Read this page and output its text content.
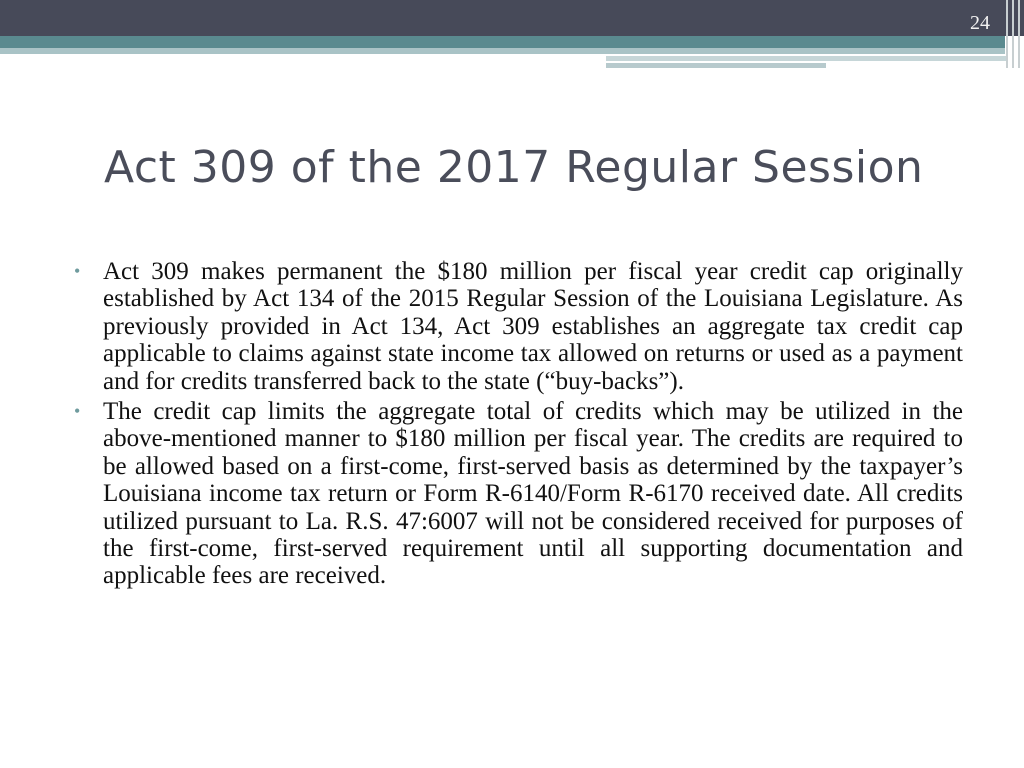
24
Act 309 of the 2017 Regular Session
• Act 309 makes permanent the $180 million per fiscal year credit cap originally established by Act 134 of the 2015 Regular Session of the Louisiana Legislature. As previously provided in Act 134, Act 309 establishes an aggregate tax credit cap applicable to claims against state income tax allowed on returns or used as a payment and for credits transferred back to the state (“buy-backs”).
• The credit cap limits the aggregate total of credits which may be utilized in the above-mentioned manner to $180 million per fiscal year. The credits are required to be allowed based on a first-come, first-served basis as determined by the taxpayer’s Louisiana income tax return or Form R-6140/Form R-6170 received date. All credits utilized pursuant to La. R.S. 47:6007 will not be considered received for purposes of the first-come, first-served requirement until all supporting documentation and applicable fees are received.
